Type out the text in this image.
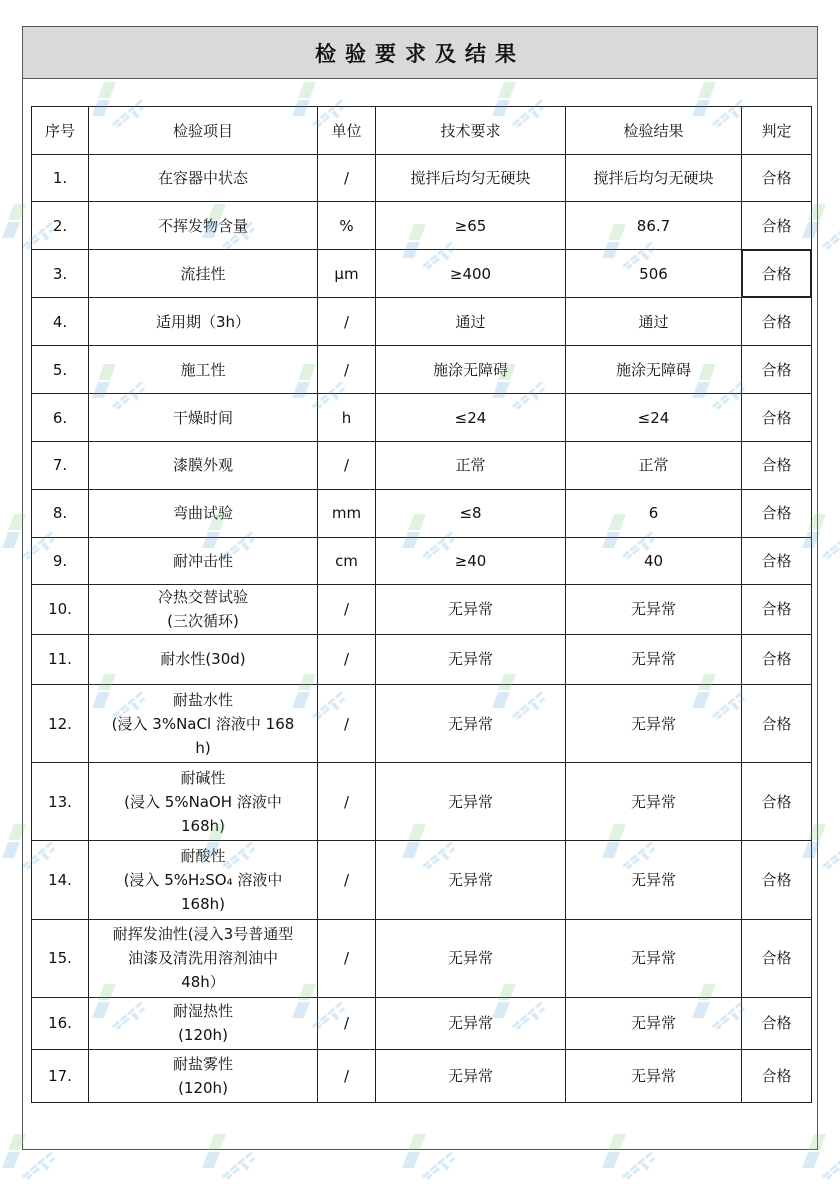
检验要求及结果
序号	检验项目	单位	技术要求	检验结果	判定
1.	在容器中状态	/	搅拌后均匀无硬块	搅拌后均匀无硬块	合格
2.	不挥发物含量	%	≥65	86.7	合格
3.	流挂性	μm	≥400	506	合格
4.	适用期（3h）	/	通过	通过	合格
5.	施工性	/	施涂无障碍	施涂无障碍	合格
6.	干燥时间	h	≤24	≤24	合格
7.	漆膜外观	/	正常	正常	合格
8.	弯曲试验	mm	≤8	6	合格
9.	耐冲击性	cm	≥40	40	合格
10.	冷热交替试验
(三次循环)	/	无异常	无异常	合格
11.	耐水性(30d)	/	无异常	无异常	合格
12.	耐盐水性
(浸入 3%NaCl 溶液中 168
h)	/	无异常	无异常	合格
13.	耐碱性
(浸入 5%NaOH 溶液中
168h)	/	无异常	无异常	合格
14.	耐酸性
(浸入 5%H₂SO₄ 溶液中
168h)	/	无异常	无异常	合格
15.	耐挥发油性(浸入3号普通型
油漆及清洗用溶剂油中
48h）	/	无异常	无异常	合格
16.	耐湿热性
(120h)	/	无异常	无异常	合格
17.	耐盐雾性
(120h)	/	无异常	无异常	合格
